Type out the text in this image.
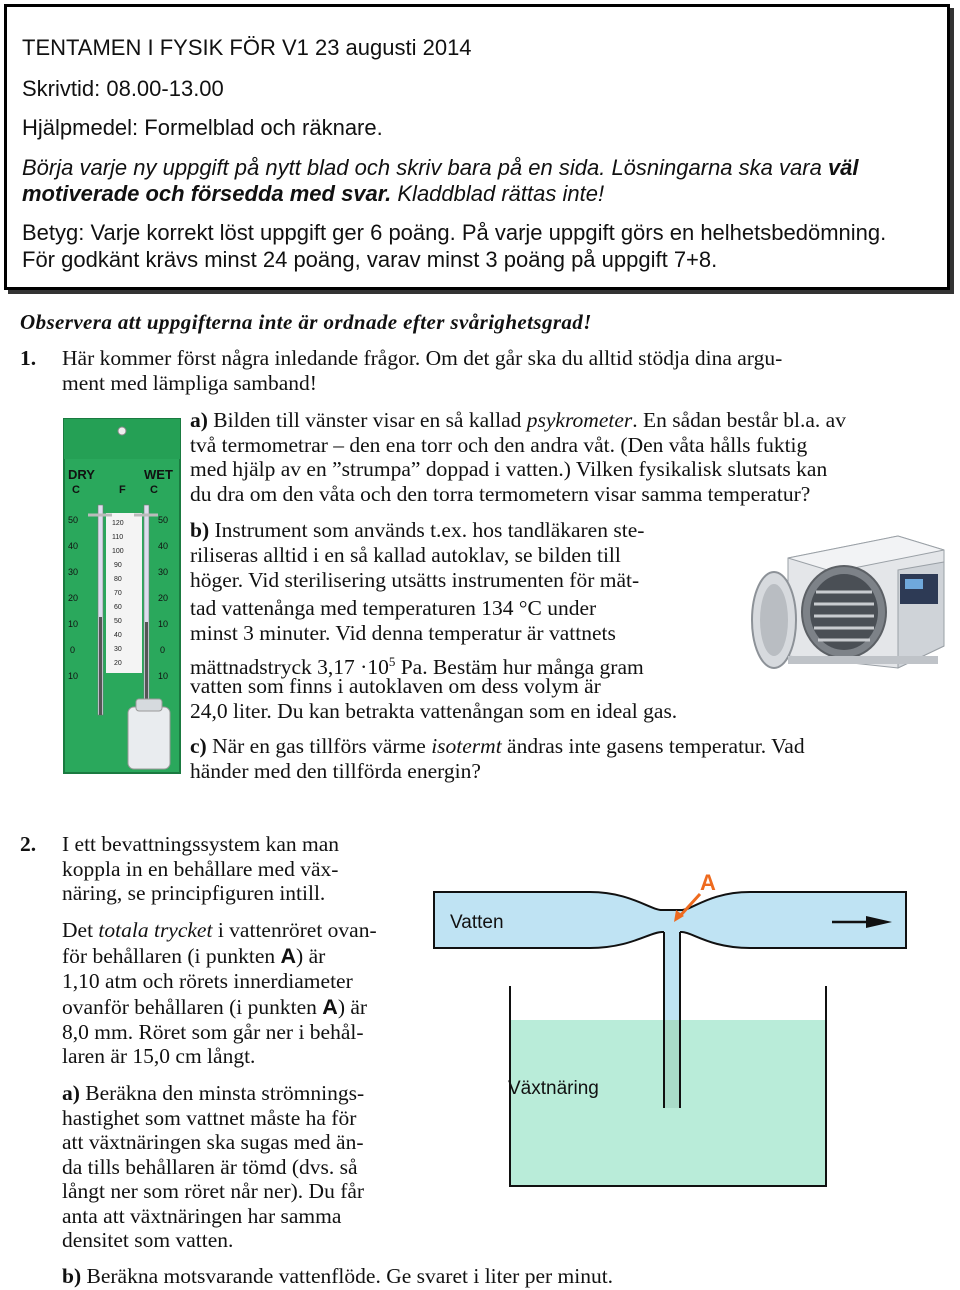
TENTAMEN I FYSIK FÖR V1 23 augusti 2014
Skrivtid: 08.00-13.00
Hjälpmedel: Formelblad och räknare.
Börja varje ny uppgift på nytt blad och skriv bara på en sida. Lösningarna ska vara väl
motiverade och försedda med svar. Kladdblad rättas inte!
Betyg: Varje korrekt löst uppgift ger 6 poäng. På varje uppgift görs en helhetsbedömning.
För godkänt krävs minst 24 poäng, varav minst 3 poäng på uppgift 7+8.
Observera att uppgifterna inte är ordnade efter svårighetsgrad!
1. Här kommer först några inledande frågor. Om det går ska du alltid stödja dina argu-
ment med lämpliga samband!
DRY	WET
C	F C
50
40
30
20
10
0
10
50
40
30
20
10
0
10
120
110
100
90
80
70
60
50
40
30
20
a) Bilden till vänster visar en så kallad psykrometer. En sådan består bl.a. av
två termometrar – den ena torr och den andra våt. (Den våta hålls fuktig
med hjälp av en ”strumpa” doppad i vatten.) Vilken fysikalisk slutsats kan
du dra om den våta och den torra termometern visar samma temperatur?
b) Instrument som används t.ex. hos tandläkaren ste-
riliseras alltid i en så kallad autoklav, se bilden till
höger. Vid sterilisering utsätts instrumenten för mät-
tad vattenånga med temperaturen 134 °C under
minst 3 minuter. Vid denna temperatur är vattnets
mättnadstryck $3,17 \cdot 10^5$ Pa. Bestäm hur många gram
vatten som finns i autoklaven om dess volym är
24,0 liter. Du kan betrakta vattenångan som en ideal gas.
c) När en gas tillförs värme isotermt ändras inte gasens temperatur. Vad
händer med den tillförda energin?
2. I ett bevattningssystem kan man
koppla in en behållare med väx-
näring, se principfiguren intill.
Det totala trycket i vattenröret ovan-
för behållaren (i punkten A) är
1,10 atm och rörets innerdiameter
ovanför behållaren (i punkten A) är
8,0 mm. Röret som går ner i behål-
laren är 15,0 cm långt.
a) Beräkna den minsta strömnings-
hastighet som vattnet måste ha för
att växtnäringen ska sugas med än-
da tills behållaren är tömd (dvs. så
långt ner som röret når ner). Du får
anta att växtnäringen har samma
densitet som vatten.
b) Beräkna motsvarande vattenflöde. Ge svaret i liter per minut.
A
Vatten
Växtnäring
